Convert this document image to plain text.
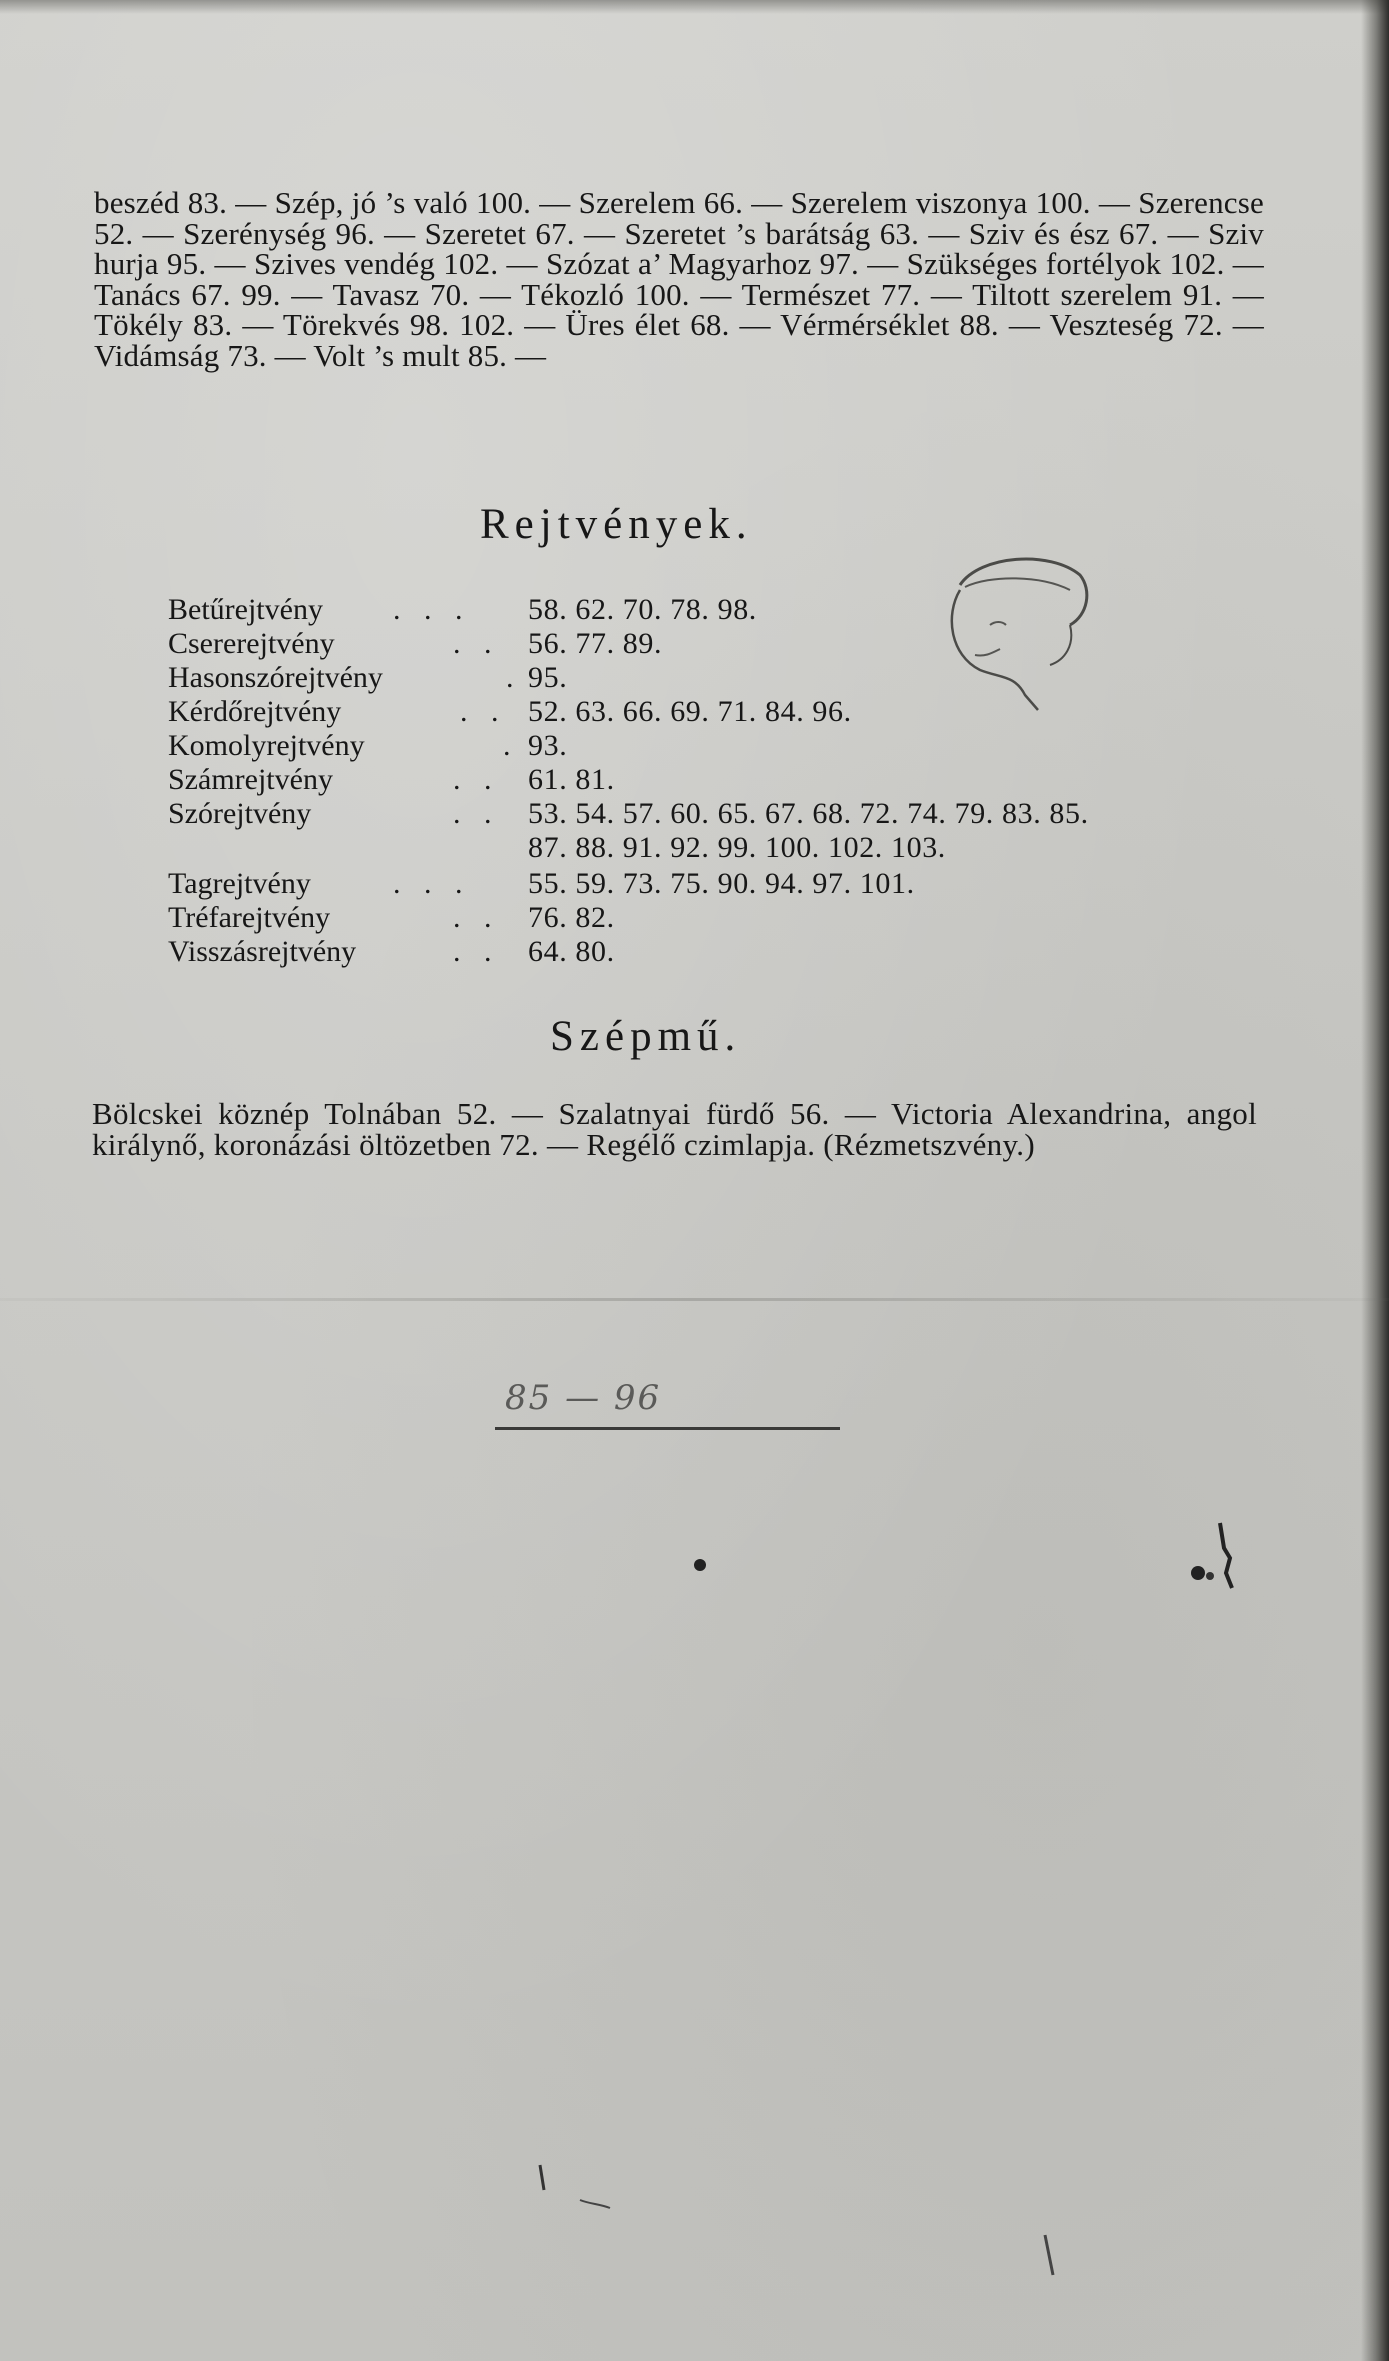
beszéd 83. — Szép, jó ’s való 100. — Szerelem 66. — Szerelem viszonya 100. — Szerencse 52. — Szerénység 96. — Szeretet 67. — Szeretet ’s barátság 63. — Sziv és ész 67. — Sziv hurja 95. — Szives vendég 102. — Szózat a’ Magyarhoz 97. — Szükséges fortélyok 102. — Tanács 67. 99. — Tavasz 70. — Tékozló 100. — Természet 77. — Tiltott szerelem 91. — Tökély 83. — Törekvés 98. 102. — Üres élet 68. — Vérmérséklet 88. — Veszteség 72. — Vidámság 73. — Volt ’s mult 85. —

Rejtvények.
Betűrejtvény . . . 58. 62. 70. 78. 98.
Csererejtvény	. . 56. 77. 89.
Hasonszórejtvény	. 95.
Kérdőrejtvény	. . 52. 63. 66. 69. 71. 84. 96.
Komolyrejtvény	. 93.
Számrejtvény	. . 61. 81.
Szórejtvény	. . 53. 54. 57. 60. 65. 67. 68. 72. 74. 79. 83. 85.
87. 88. 91. 92. 99. 100. 102. 103.
Tagrejtvény	. . . 55. 59. 73. 75. 90. 94. 97. 101.
Tréfarejtvény	. . 76. 82.
Visszásrejtvény	. . 64. 80.
Szépmű.

Bölcskei köznép Tolnában 52. — Szalatnyai fürdő 56. — Victoria Alexandrina, angol királynő, koronázási öltözetben 72. — Regélő czimlapja. (Rézmetszvény.)

85 — 96
